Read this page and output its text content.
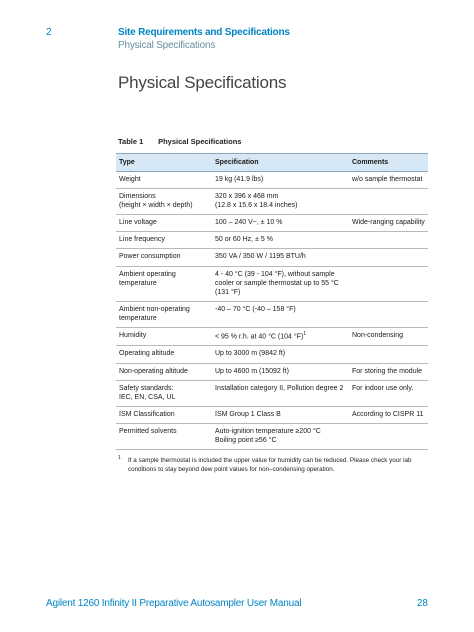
2	Site Requirements and Specifications
Physical Specifications
Physical Specifications
Table 1 Physical Specifications
Type	Specification	Comments

Weight	19 kg (41.9 lbs)	w/o sample thermostat

Dimensions
(height × width × depth)	320 x 396 x 468 mm
(12.8 x 15.6 x 18.4 inches)	

Line voltage	100 – 240 V~, ± 10 %	Wide-ranging capability

Line frequency	50 or 60 Hz, ± 5 %	

Power consumption	350 VA / 350 W / 1195 BTU/h	

Ambient operating
temperature	4 - 40 °C (39 - 104 °F), without sample
cooler or sample thermostat up to 55 °C
(131 °F)	

Ambient non-operating
temperature	-40 – 70 °C (-40 – 158 °F)	

Humidity	< 95 % r.h. at 40 °C (104 °F)$^1$	Non-condensing

Operating altitude	Up to 3000 m (9842 ft)	

Non-operating altitude	Up to 4600 m (15092 ft)	For storing the module

Safety standards:
IEC, EN, CSA, UL	Installation category II, Pollution degree 2	For indoor use only.

ISM Classification	ISM Group 1 Class B	According to CISPR 11

Permitted solvents	Auto-ignition temperature ≥200 °C
Boiling point ≥56 °C	

1	If a sample thermostat is included the upper value for humidity can be reduced. Please check your lab conditions to stay beyond dew point values for non–condensing operation.
Agilent 1260 Infinity II Preparative Autosampler User Manual	28
